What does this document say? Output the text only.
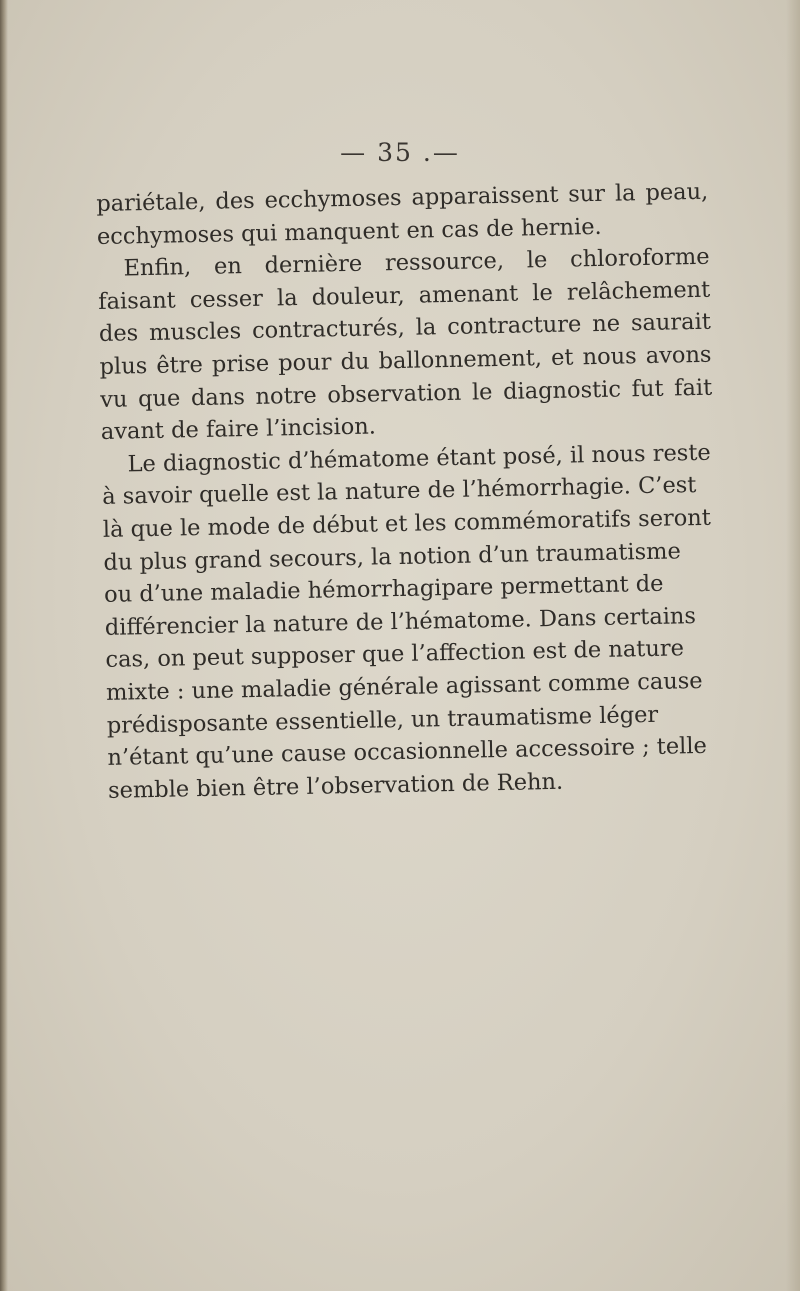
— 35 .—

pariétale, des ecchymoses apparaissent sur la peau, ecchymoses qui manquent en cas de hernie.

Enfin, en dernière ressource, le chloroforme faisant cesser la douleur, amenant le relâchement des muscles contracturés, la contracture ne saurait plus être prise pour du ballonnement, et nous avons vu que dans notre observation le diagnostic fut fait avant de faire l’incision.

Le diagnostic d’hématome étant posé, il nous reste à savoir quelle est la nature de l’hémorrhagie. C’est là que le mode de début et les commémoratifs seront du plus grand secours, la notion d’un traumatisme ou d’une maladie hémorrhagipare permettant de différencier la nature de l’hématome. Dans certains cas, on peut supposer que l’affection est de nature mixte : une maladie générale agissant comme cause prédisposante essentielle, un traumatisme léger n’étant qu’une cause occasionnelle accessoire ; telle semble bien être l’observation de Rehn.
